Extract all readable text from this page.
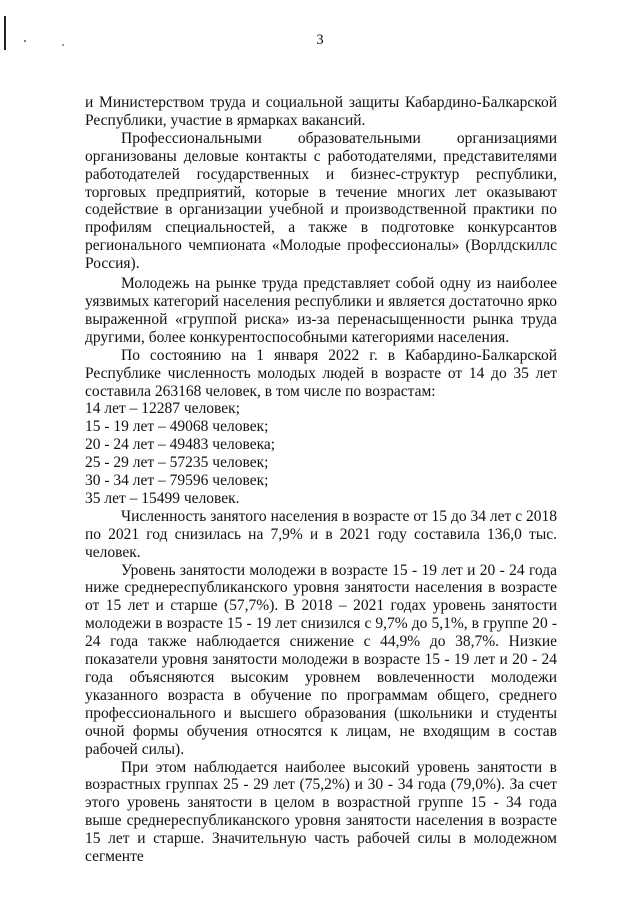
3

и Министерством труда и социальной защиты Кабардино-Балкарской Республики, участие в ярмарках вакансий.

Профессиональными образовательными организациями организованы деловые контакты с работодателями, представителями работодателей государственных и бизнес-структур республики, торговых предприятий, которые в течение многих лет оказывают содействие в организации учебной и производственной практики по профилям специальностей, а также в подготовке конкурсантов регионального чемпионата «Молодые профессионалы» (Ворлдскиллс Россия).

Молодежь на рынке труда представляет собой одну из наиболее уязвимых категорий населения республики и является достаточно ярко выраженной «группой риска» из-за перенасыщенности рынка труда другими, более конкурентоспособными категориями населения.

По состоянию на 1 января 2022 г. в Кабардино-Балкарской Республике численность молодых людей в возрасте от 14 до 35 лет составила 263168 человек, в том числе по возрастам:

14 лет – 12287 человек;

15 - 19 лет – 49068 человек;

20 - 24 лет – 49483 человека;

25 - 29 лет – 57235 человек;

30 - 34 лет – 79596 человек;

35 лет – 15499 человек.

Численность занятого населения в возрасте от 15 до 34 лет с 2018 по 2021 год снизилась на 7,9% и в 2021 году составила 136,0 тыс. человек.

Уровень занятости молодежи в возрасте 15 - 19 лет и 20 - 24 года ниже среднереспубликанского уровня занятости населения в возрасте от 15 лет и старше (57,7%). В 2018 – 2021 годах уровень занятости молодежи в возрасте 15 - 19 лет снизился с 9,7% до 5,1%, в группе 20 - 24 года также наблюдается снижение с 44,9% до 38,7%. Низкие показатели уровня занятости молодежи в возрасте 15 - 19 лет и 20 - 24 года объясняются высоким уровнем вовлеченности молодежи указанного возраста в обучение по программам общего, среднего профессионального и высшего образования (школьники и студенты очной формы обучения относятся к лицам, не входящим в состав рабочей силы).

При этом наблюдается наиболее высокий уровень занятости в возрастных группах 25 - 29 лет (75,2%) и 30 - 34 года (79,0%). За счет этого уровень занятости в целом в возрастной группе 15 - 34 года выше среднереспубликанского уровня занятости населения в возрасте 15 лет и старше. Значительную часть рабочей силы в молодежном сегменте
